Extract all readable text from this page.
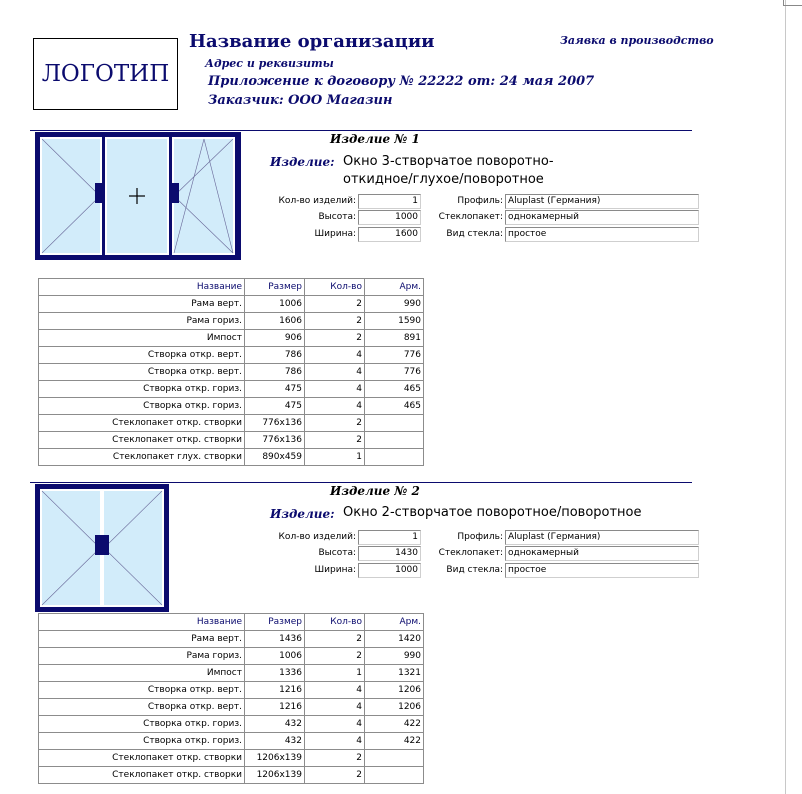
ЛОГОТИП
Название организации
Адрес и реквизиты
Приложение к договору № 22222 от: 24 мая 2007
Заказчик: ООО Магазин
Заявка в производство
Изделие № 1
Изделие: Окно 3-створчатое поворотно-
откидное/глухое/поворотное
Кол-во изделий:	1
Высота:	1000
Ширина:	1600
Профиль: Aluplast (Германия)
Стеклопакет: однокамерный
Вид стекла: простое
Название	Размер	Кол-во	Арм.
Рама верт.	1006	2	990
Рама гориз.	1606	2	1590
Импост	906	2	891
Створка откр. верт.	786	4	776
Створка откр. верт.	786	4	776
Створка откр. гориз.	475	4	465
Створка откр. гориз.	475	4	465
Стеклопакет откр. створки	776x136	2	
Стеклопакет откр. створки	776x136	2	
Стеклопакет глух. створки	890x459	1	
Изделие № 2
Изделие: Окно 2-створчатое поворотное/поворотное
Кол-во изделий:	1
Высота:	1430
Ширина:	1000
Профиль: Aluplast (Германия)
Стеклопакет: однокамерный
Вид стекла: простое
Название	Размер	Кол-во	Арм.
Рама верт.	1436	2	1420
Рама гориз.	1006	2	990
Импост	1336	1	1321
Створка откр. верт.	1216	4	1206
Створка откр. верт.	1216	4	1206
Створка откр. гориз.	432	4	422
Створка откр. гориз.	432	4	422
Стеклопакет откр. створки	1206x139	2	
Стеклопакет откр. створки	1206x139	2	
